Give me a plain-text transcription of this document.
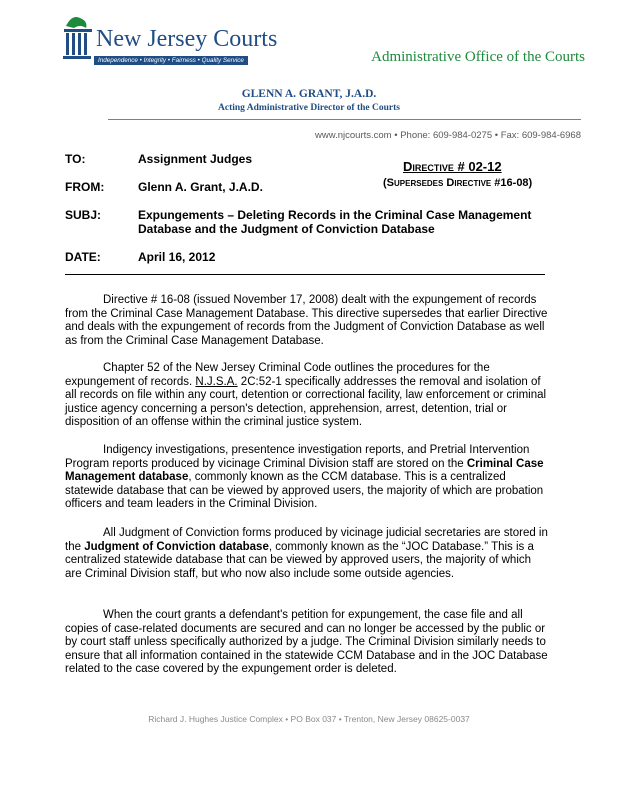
New Jersey Courts
Independence • Integrity • Fairness • Quality Service	Administrative Office of the Courts
GLENN A. GRANT, J.A.D.
Acting Administrative Director of the Courts
www.njcourts.com • Phone: 609-984-0275 • Fax: 609-984-6968
TO:	Assignment Judges	Directive # 02-12
(Supersedes Directive #16-08)
FROM:	Glenn A. Grant, J.A.D.
SUBJ:	Expungements – Deleting Records in the Criminal Case Management
Database and the Judgment of Conviction Database
DATE:	April 16, 2012
Directive # 16-08 (issued November 17, 2008) dealt with the expungement of records from the Criminal Case Management Database. This directive supersedes that earlier Directive and deals with the expungement of records from the Judgment of Conviction Database as well as from the Criminal Case Management Database.
Chapter 52 of the New Jersey Criminal Code outlines the procedures for the expungement of records. N.J.S.A. 2C:52-1 specifically addresses the removal and isolation of all records on file within any court, detention or correctional facility, law enforcement or criminal justice agency concerning a person's detection, apprehension, arrest, detention, trial or disposition of an offense within the criminal justice system.
Indigency investigations, presentence investigation reports, and Pretrial Intervention Program reports produced by vicinage Criminal Division staff are stored on the Criminal Case Management database, commonly known as the CCM database. This is a centralized statewide database that can be viewed by approved users, the majority of which are probation officers and team leaders in the Criminal Division.
All Judgment of Conviction forms produced by vicinage judicial secretaries are stored in the Judgment of Conviction database, commonly known as the “JOC Database.” This is a centralized statewide database that can be viewed by approved users, the majority of which are Criminal Division staff, but who now also include some outside agencies.
When the court grants a defendant's petition for expungement, the case file and all copies of case-related documents are secured and can no longer be accessed by the public or by court staff unless specifically authorized by a judge. The Criminal Division similarly needs to ensure that all information contained in the statewide CCM Database and in the JOC Database related to the case covered by the expungement order is deleted.
Richard J. Hughes Justice Complex • PO Box 037 • Trenton, New Jersey 08625-0037
